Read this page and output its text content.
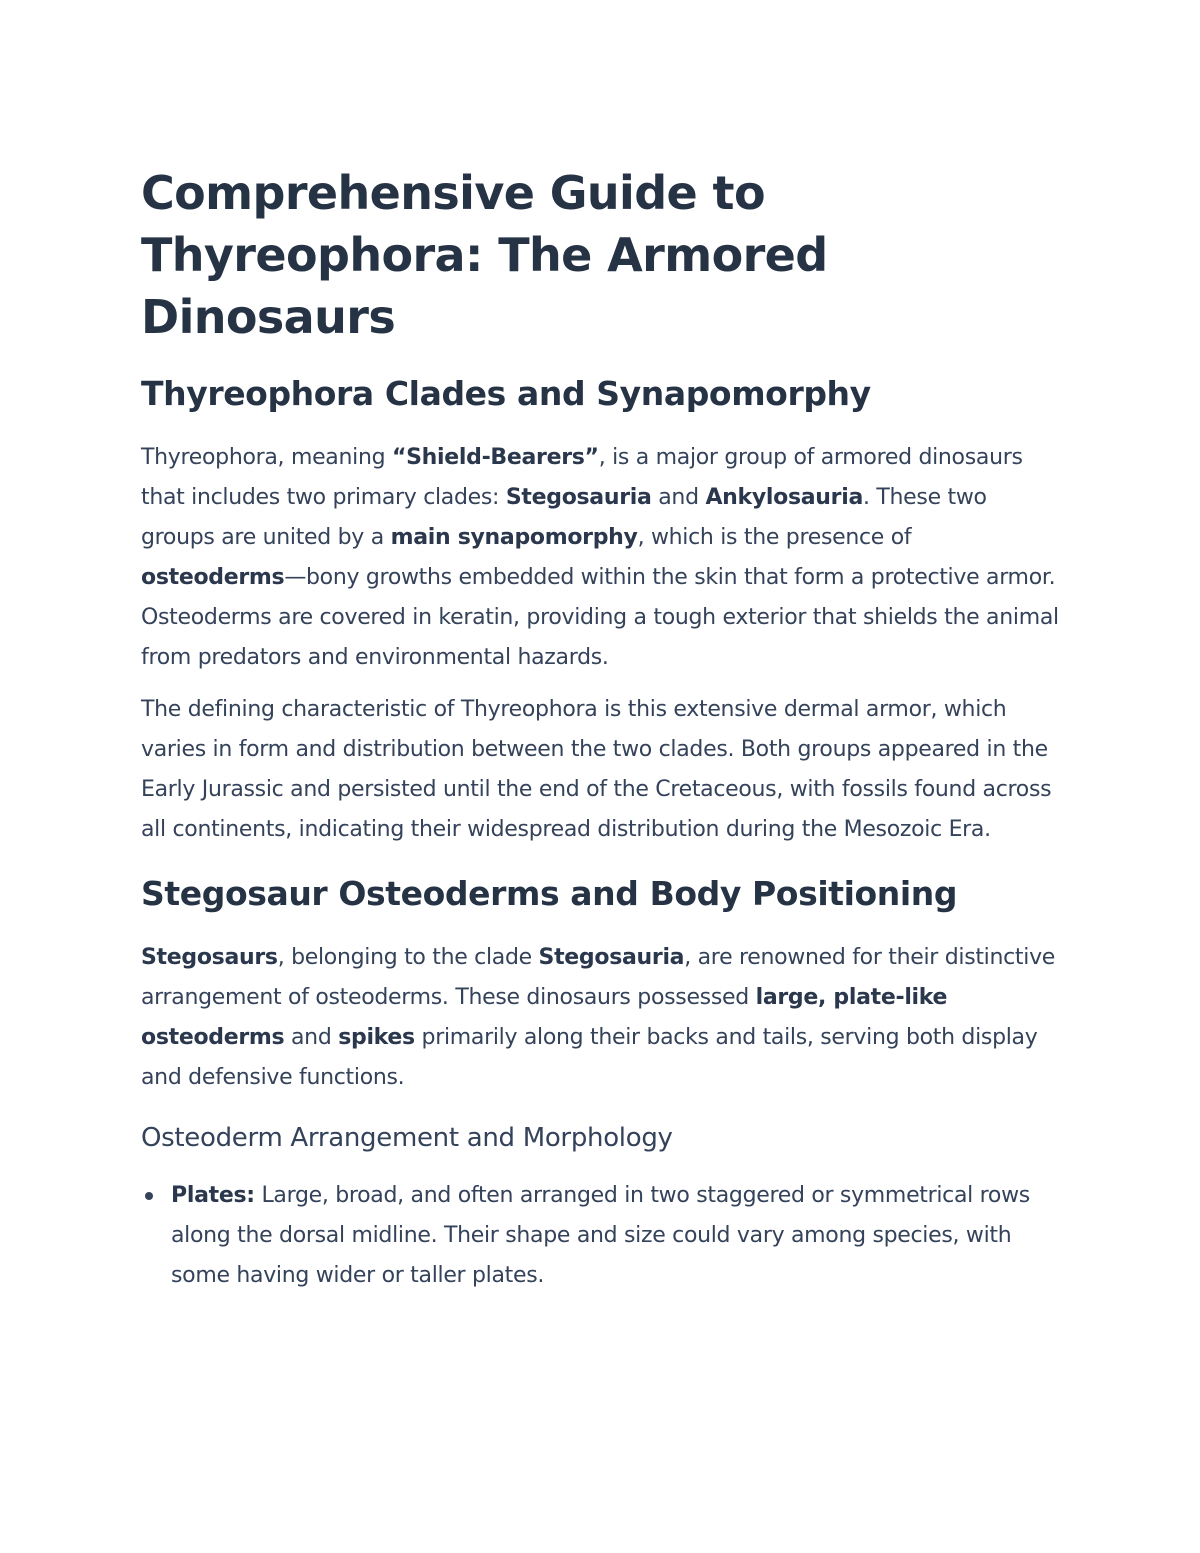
Comprehensive Guide to Thyreophora: The Armored Dinosaurs
Thyreophora Clades and Synapomorphy

Thyreophora, meaning “Shield-Bearers”, is a major group of armored dinosaurs that includes two primary clades: Stegosauria and Ankylosauria. These two groups are united by a main synapomorphy, which is the presence of osteoderms—bony growths embedded within the skin that form a protective armor. Osteoderms are covered in keratin, providing a tough exterior that shields the animal from predators and environmental hazards.

The defining characteristic of Thyreophora is this extensive dermal armor, which varies in form and distribution between the two clades. Both groups appeared in the Early Jurassic and persisted until the end of the Cretaceous, with fossils found across all continents, indicating their widespread distribution during the Mesozoic Era.

Stegosaur Osteoderms and Body Positioning

Stegosaurs, belonging to the clade Stegosauria, are renowned for their distinctive arrangement of osteoderms. These dinosaurs possessed large, plate-like osteoderms and spikes primarily along their backs and tails, serving both display and defensive functions.

Osteoderm Arrangement and Morphology
Plates: Large, broad, and often arranged in two staggered or symmetrical rows along the dorsal midline. Their shape and size could vary among species, with some having wider or taller plates.
